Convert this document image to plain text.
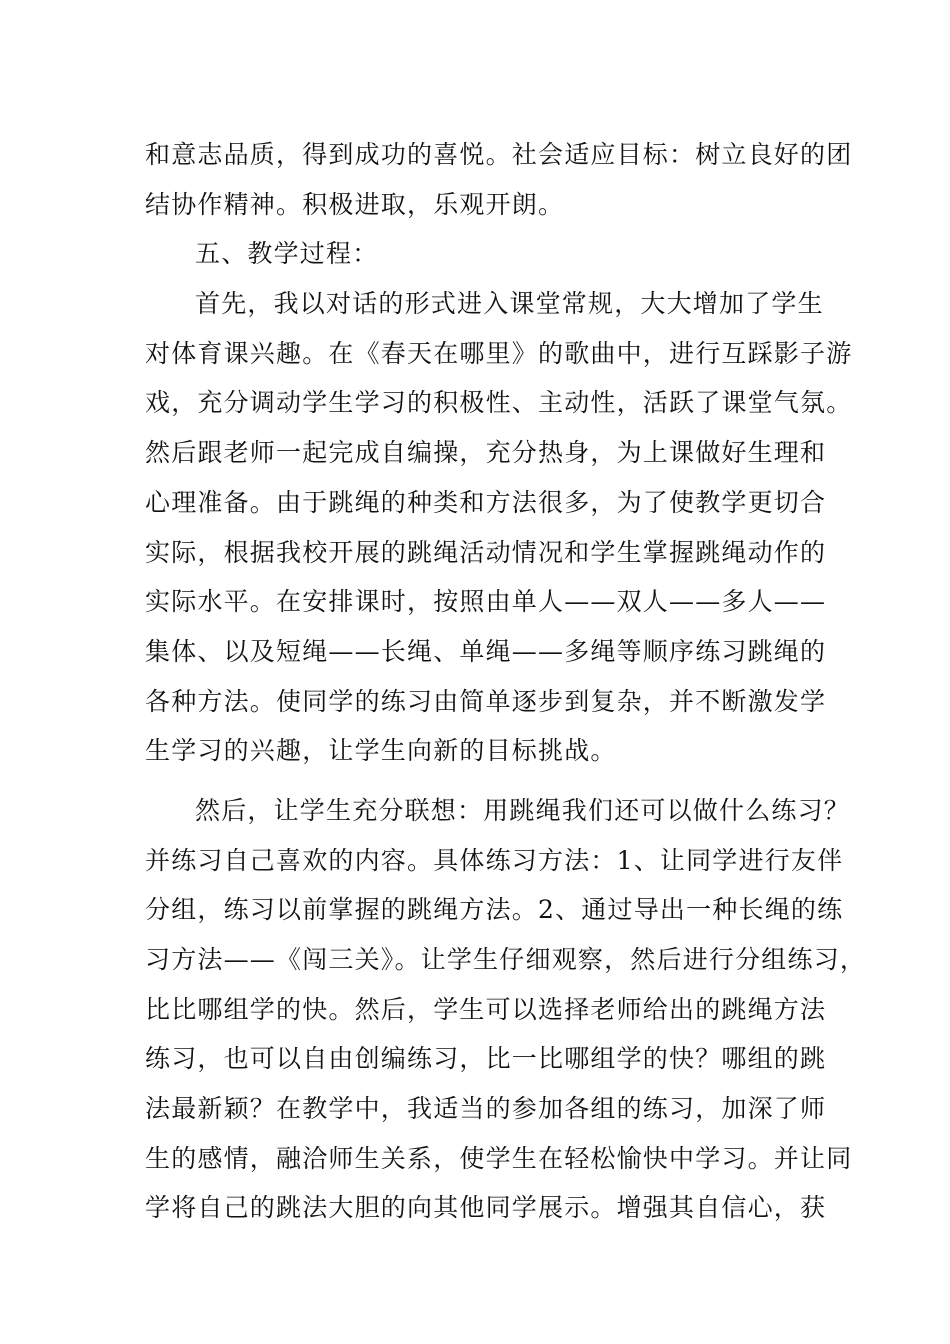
和意志品质，得到成功的喜悦。社会适应目标：树立良好的团
结协作精神。积极进取，乐观开朗。
五、教学过程：
首先，我以对话的形式进入课堂常规，大大增加了学生
对体育课兴趣。在《春天在哪里》的歌曲中，进行互踩影子游
戏，充分调动学生学习的积极性、主动性，活跃了课堂气氛。
然后跟老师一起完成自编操，充分热身，为上课做好生理和
心理准备。由于跳绳的种类和方法很多，为了使教学更切合
实际，根据我校开展的跳绳活动情况和学生掌握跳绳动作的
实际水平。在安排课时，按照由单人——双人——多人——
集体、以及短绳——长绳、单绳——多绳等顺序练习跳绳的
各种方法。使同学的练习由简单逐步到复杂，并不断激发学
生学习的兴趣，让学生向新的目标挑战。
然后，让学生充分联想：用跳绳我们还可以做什么练习？
并练习自己喜欢的内容。具体练习方法：1、让同学进行友伴
分组，练习以前掌握的跳绳方法。2、通过导出一种长绳的练
习方法——《闯三关》。让学生仔细观察，然后进行分组练习，
比比哪组学的快。然后，学生可以选择老师给出的跳绳方法
练习，也可以自由创编练习，比一比哪组学的快？哪组的跳
法最新颖？在教学中，我适当的参加各组的练习，加深了师
生的感情，融洽师生关系，使学生在轻松愉快中学习。并让同
学将自己的跳法大胆的向其他同学展示。增强其自信心，获
